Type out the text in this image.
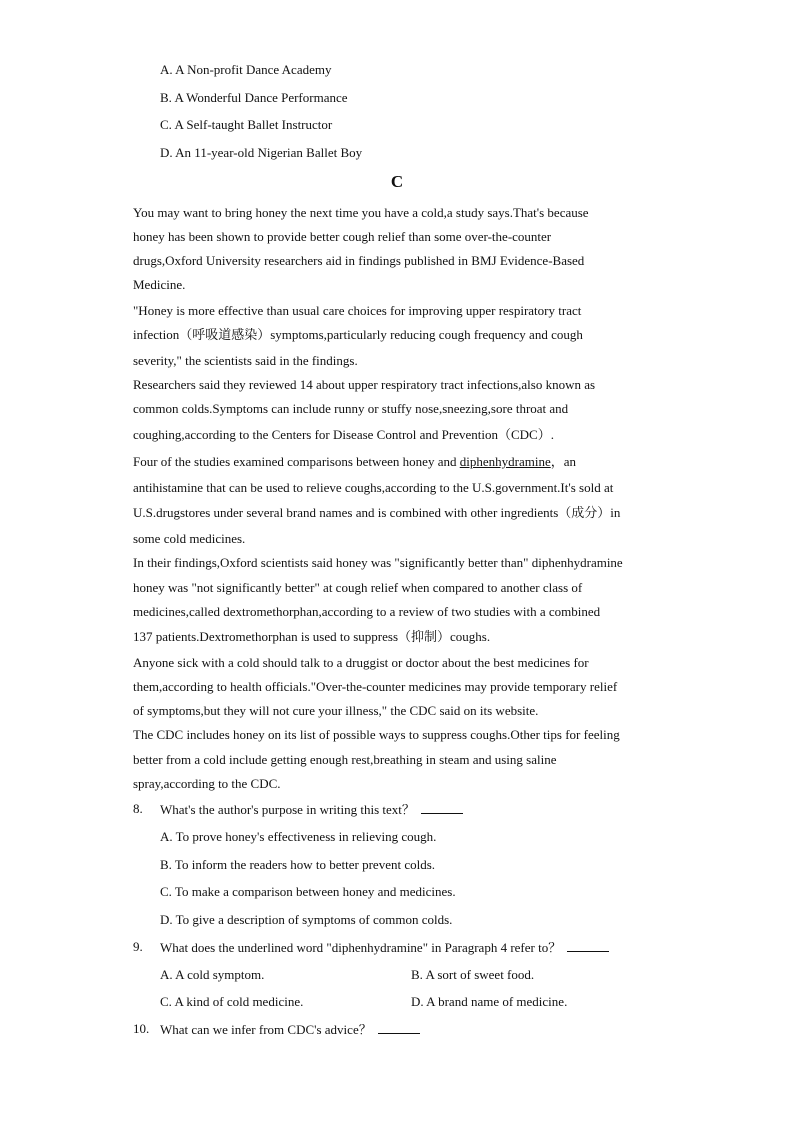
A. A Non-profit Dance Academy
B. A Wonderful Dance Performance
C. A Self-taught Ballet Instructor
D. An 11-year-old Nigerian Ballet Boy
C
You may want to bring honey the next time you have a cold,a study says.That's because
honey has been shown to provide better cough relief than some over-the-counter
drugs,Oxford University researchers aid in findings published in BMJ Evidence-Based
Medicine.
"Honey is more effective than usual care choices for improving upper respiratory tract
infection（呼吸道感染）symptoms,particularly reducing cough frequency and cough
severity," the scientists said in the findings.
Researchers said they reviewed 14 about upper respiratory tract infections,also known as
common colds.Symptoms can include runny or stuffy nose,sneezing,sore throat and
coughing,according to the Centers for Disease Control and Prevention（CDC）.
Four of the studies examined comparisons between honey and diphenhydramine，an
antihistamine that can be used to relieve coughs,according to the U.S.government.It's sold at
U.S.drugstores under several brand names and is combined with other ingredients（成分）in
some cold medicines.
In their findings,Oxford scientists said honey was "significantly better than" diphenhydramine
honey was "not significantly better" at cough relief when compared to another class of
medicines,called dextromethorphan,according to a review of two studies with a combined
137 patients.Dextromethorphan is used to suppress（抑制）coughs.
Anyone sick with a cold should talk to a druggist or doctor about the best medicines for
them,according to health officials."Over-the-counter medicines may provide temporary relief
of symptoms,but they will not cure your illness," the CDC said on its website.
The CDC includes honey on its list of possible ways to suppress coughs.Other tips for feeling
better from a cold include getting enough rest,breathing in steam and using saline
spray,according to the CDC.
8. What's the author's purpose in writing this text？
A. To prove honey's effectiveness in relieving cough.
B. To inform the readers how to better prevent colds.
C. To make a comparison between honey and medicines.
D. To give a description of symptoms of common colds.
9. What does the underlined word "diphenhydramine" in Paragraph 4 refer to？
A. A cold symptom.	B. A sort of sweet food.
C. A kind of cold medicine.	D. A brand name of medicine.
10. What can we infer from CDC's advice？
